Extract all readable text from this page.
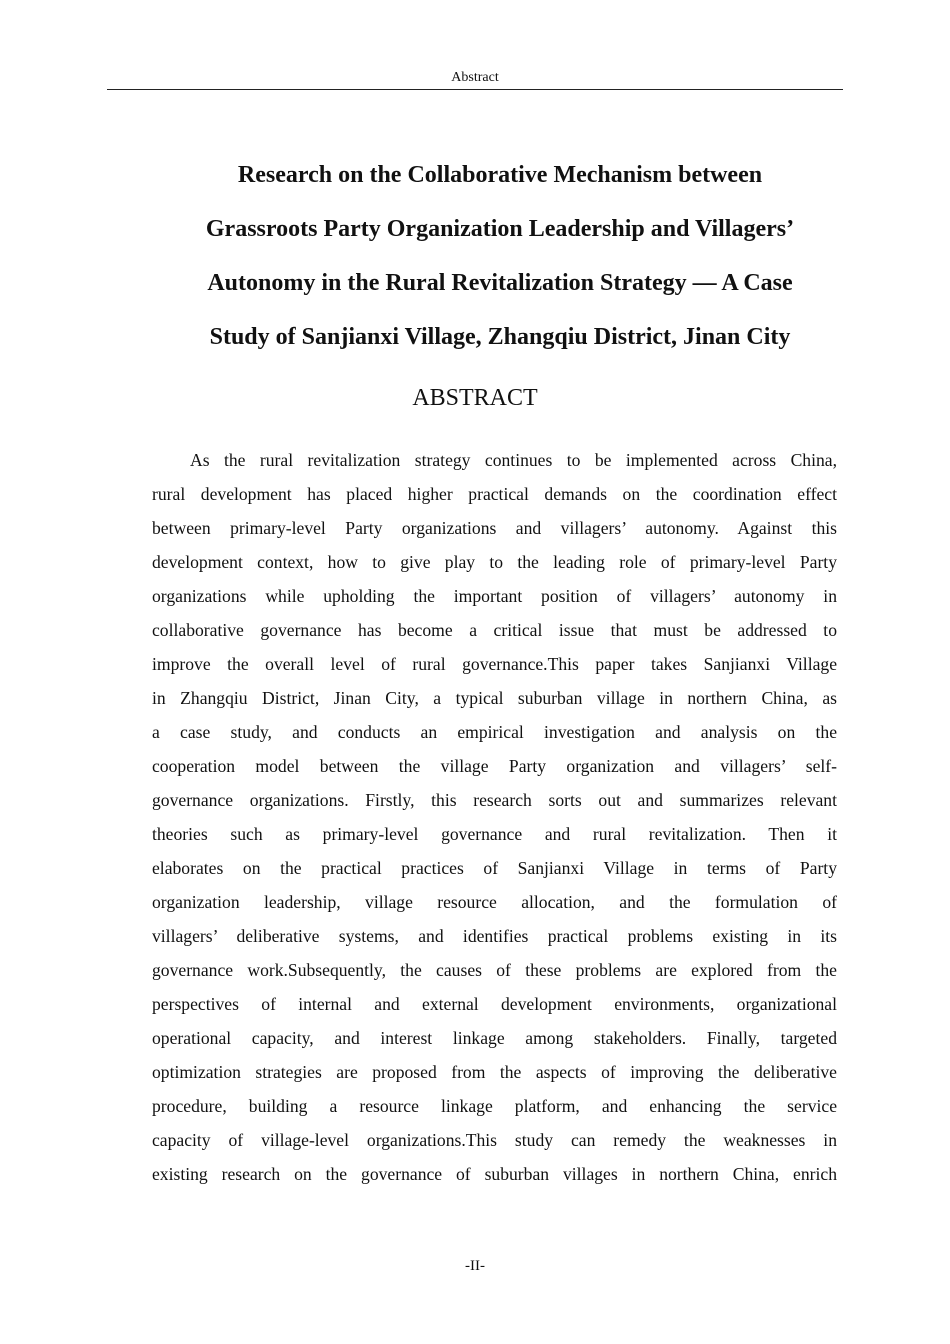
Abstract
Research on the Collaborative Mechanism between
Grassroots Party Organization Leadership and Villagers’
Autonomy in the Rural Revitalization Strategy — A Case
Study of Sanjianxi Village, Zhangqiu District, Jinan City
ABSTRACT
As the rural revitalization strategy continues to be implemented across China,
rural development has placed higher practical demands on the coordination effect
between primary-level Party organizations and villagers’ autonomy. Against this
development context, how to give play to the leading role of primary-level Party
organizations while upholding the important position of villagers’ autonomy in
collaborative governance has become a critical issue that must be addressed to
improve the overall level of rural governance.This paper takes Sanjianxi Village
in Zhangqiu District, Jinan City, a typical suburban village in northern China, as
a case study, and conducts an empirical investigation and analysis on the
cooperation model between the village Party organization and villagers’ self-
governance organizations. Firstly, this research sorts out and summarizes relevant
theories such as primary-level governance and rural revitalization. Then it
elaborates on the practical practices of Sanjianxi Village in terms of Party
organization leadership, village resource allocation, and the formulation of
villagers’ deliberative systems, and identifies practical problems existing in its
governance work.Subsequently, the causes of these problems are explored from the
perspectives of internal and external development environments, organizational
operational capacity, and interest linkage among stakeholders. Finally, targeted
optimization strategies are proposed from the aspects of improving the deliberative
procedure, building a resource linkage platform, and enhancing the service
capacity of village-level organizations.This study can remedy the weaknesses in
existing research on the governance of suburban villages in northern China, enrich
-II-
